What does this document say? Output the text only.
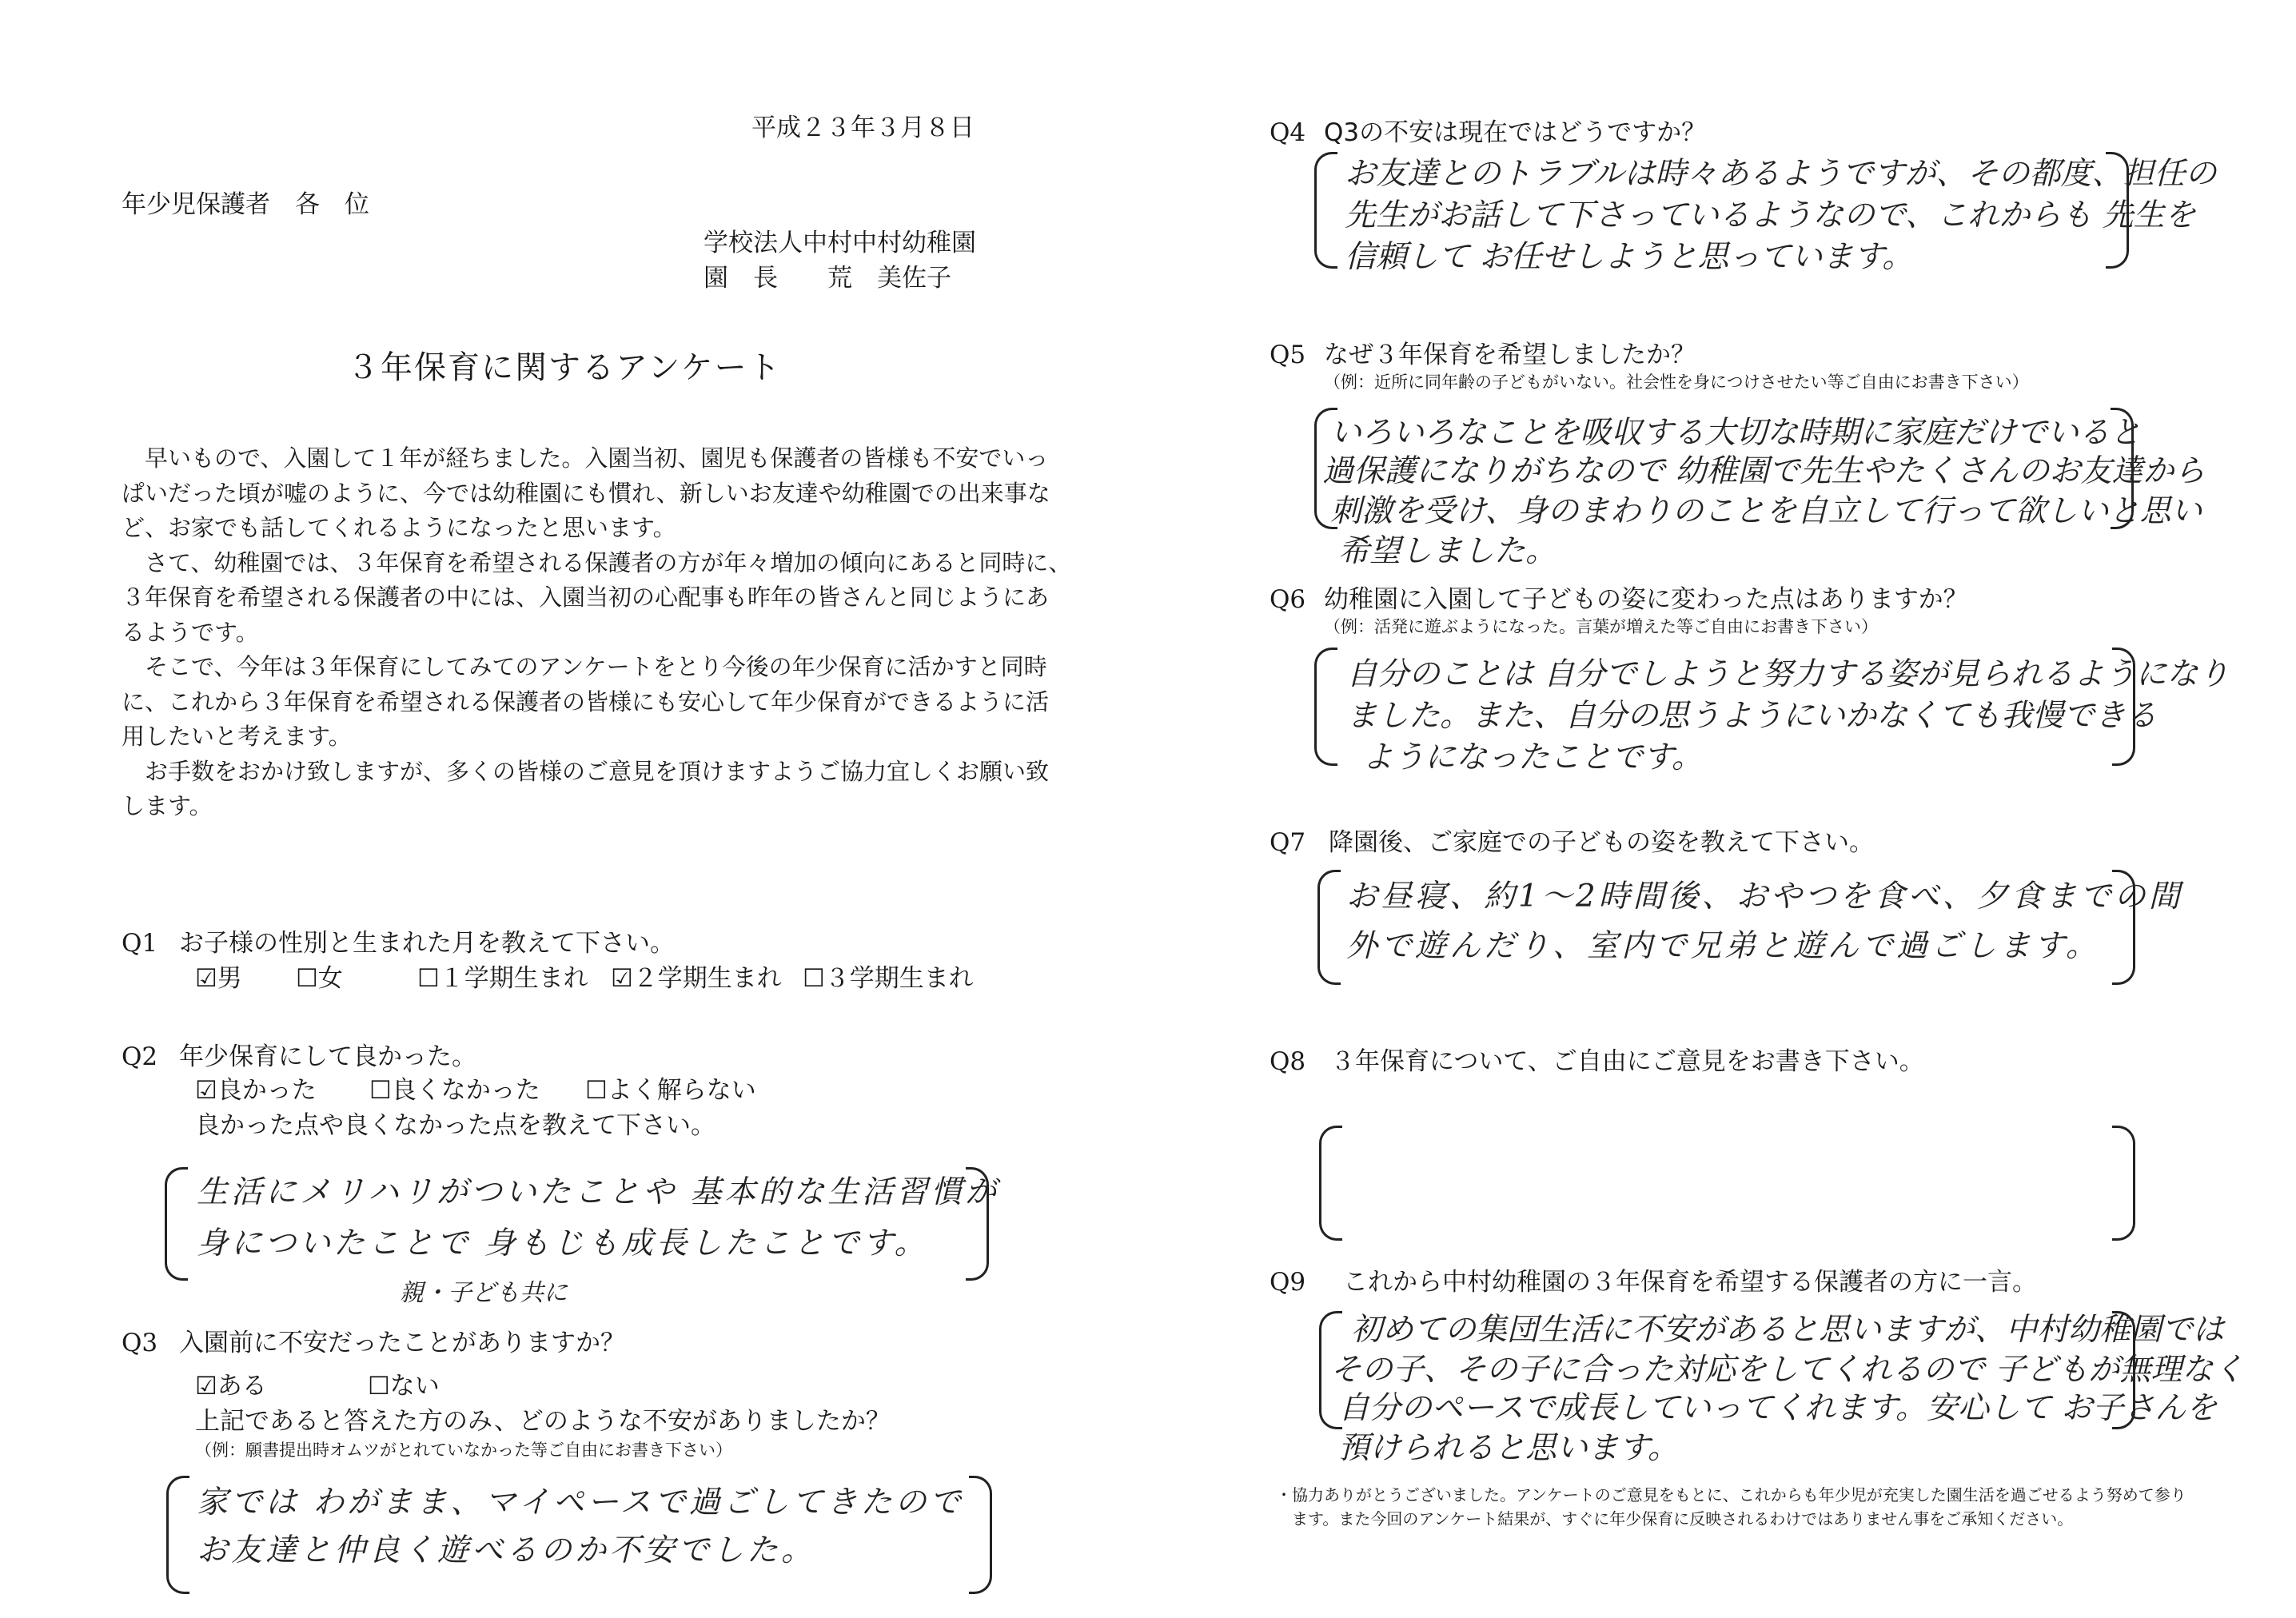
平成２３年３月８日
年少児保護者　各　位
学校法人中村中村幼稚園
園　長　　荒　美佐子
３年保育に関するアンケート
　早いもので、入園して１年が経ちました。入園当初、園児も保護者の皆様も不安でいっ
ぱいだった頃が嘘のように、今では幼稚園にも慣れ、新しいお友達や幼稚園での出来事な
ど、お家でも話してくれるようになったと思います。
　さて、幼稚園では、３年保育を希望される保護者の方が年々増加の傾向にあると同時に、
３年保育を希望される保護者の中には、入園当初の心配事も昨年の皆さんと同じようにあ
るようです。
　そこで、今年は３年保育にしてみてのアンケートをとり今後の年少保育に活かすと同時
に、これから３年保育を希望される保護者の皆様にも安心して年少保育ができるように活
用したいと考えます。
　お手数をおかけ致しますが、多くの皆様のご意見を頂けますようご協力宜しくお願い致
します。
Q1 お子様の性別と生まれた月を教えて下さい。
☑男 ☐女	☐１学期生まれ ☑２学期生まれ ☐３学期生まれ
Q2 年少保育にして良かった。
☑良かった ☐良くなかった ☐よく解らない
良かった点や良くなかった点を教えて下さい。
生活にメリハリがついたことや 基本的な生活習慣が
身についたことで 身もじも成長したことです。
親・子ども共に
Q3 入園前に不安だったことがありますか？
☑ある	☐ない
上記であると答えた方のみ、どのような不安がありましたか？
（例：願書提出時オムツがとれていなかった等ご自由にお書き下さい）
家では わがまま、マイペースで過ごしてきたので
お友達と仲良く遊べるのか不安でした。
Q4 Q3の不安は現在ではどうですか？
お友達とのトラブルは時々あるようですが、その都度、担任の
先生がお話して下さっているようなので、これからも 先生を
信頼して お任せしようと思っています。
Q5 なぜ３年保育を希望しましたか？
（例：近所に同年齢の子どもがいない。社会性を身につけさせたい等ご自由にお書き下さい）
いろいろなことを吸収する大切な時期に家庭だけでいると
過保護になりがちなので 幼稚園で先生やたくさんのお友達から
刺激を受け、身のまわりのことを自立して行って欲しいと思い
希望しました。
Q6 幼稚園に入園して子どもの姿に変わった点はありますか？
（例：活発に遊ぶようになった。言葉が増えた等ご自由にお書き下さい）
自分のことは 自分でしようと努力する姿が見られるようになり
ました。また、自分の思うようにいかなくても我慢できる
ようになったことです。
Q7 降園後、ご家庭での子どもの姿を教えて下さい。
お昼寝、約1〜2時間後、おやつを食べ、夕食までの間
外で遊んだり、室内で兄弟と遊んで過ごします。
Q8 ３年保育について、ご自由にご意見をお書き下さい。
Q9 これから中村幼稚園の３年保育を希望する保護者の方に一言。
初めての集団生活に不安があると思いますが、中村幼稚園では
その子、その子に合った対応をしてくれるので 子どもが無理なく
自分のペースで成長していってくれます。安心して お子さんを
預けられると思います。
・協力ありがとうございました。アンケートのご意見をもとに、これからも年少児が充実した園生活を過ごせるよう努めて参り
　ます。また今回のアンケート結果が、すぐに年少保育に反映されるわけではありません事をご承知ください。
